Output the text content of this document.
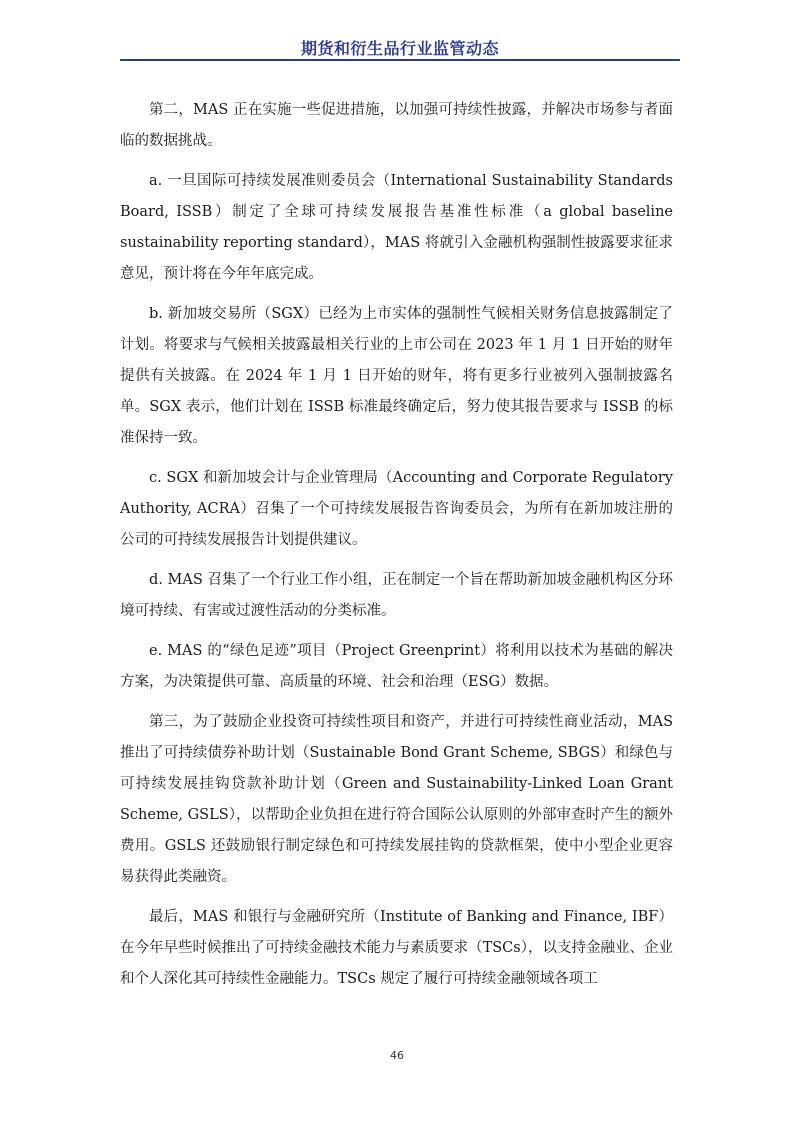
期货和衍生品行业监管动态

第二，MAS 正在实施一些促进措施，以加强可持续性披露，并解决市场参与者面临的数据挑战。

a. 一旦国际可持续发展准则委员会（International Sustainability Standards Board, ISSB）制定了全球可持续发展报告基准性标准（a global baseline sustainability reporting standard），MAS 将就引入金融机构强制性披露要求征求意见，预计将在今年年底完成。

b. 新加坡交易所（SGX）已经为上市实体的强制性气候相关财务信息披露制定了计划。将要求与气候相关披露最相关行业的上市公司在 2023 年 1 月 1 日开始的财年提供有关披露。在 2024 年 1 月 1 日开始的财年，将有更多行业被列入强制披露名单。SGX 表示，他们计划在 ISSB 标准最终确定后，努力使其报告要求与 ISSB 的标准保持一致。

c. SGX 和新加坡会计与企业管理局（Accounting and Corporate Regulatory Authority, ACRA）召集了一个可持续发展报告咨询委员会，为所有在新加坡注册的公司的可持续发展报告计划提供建议。

d. MAS 召集了一个行业工作小组，正在制定一个旨在帮助新加坡金融机构区分环境可持续、有害或过渡性活动的分类标准。

e. MAS 的“绿色足迹”项目（Project Greenprint）将利用以技术为基础的解决方案，为决策提供可靠、高质量的环境、社会和治理（ESG）数据。

第三，为了鼓励企业投资可持续性项目和资产，并进行可持续性商业活动，MAS 推出了可持续债券补助计划（Sustainable Bond Grant Scheme, SBGS）和绿色与可持续发展挂钩贷款补助计划（Green and Sustainability-Linked Loan Grant Scheme, GSLS），以帮助企业负担在进行符合国际公认原则的外部审查时产生的额外费用。GSLS 还鼓励银行制定绿色和可持续发展挂钩的贷款框架，使中小型企业更容易获得此类融资。

最后，MAS 和银行与金融研究所（Institute of Banking and Finance, IBF）在今年早些时候推出了可持续金融技术能力与素质要求（TSCs），以支持金融业、企业和个人深化其可持续性金融能力。TSCs 规定了履行可持续金融领域各项工

46
